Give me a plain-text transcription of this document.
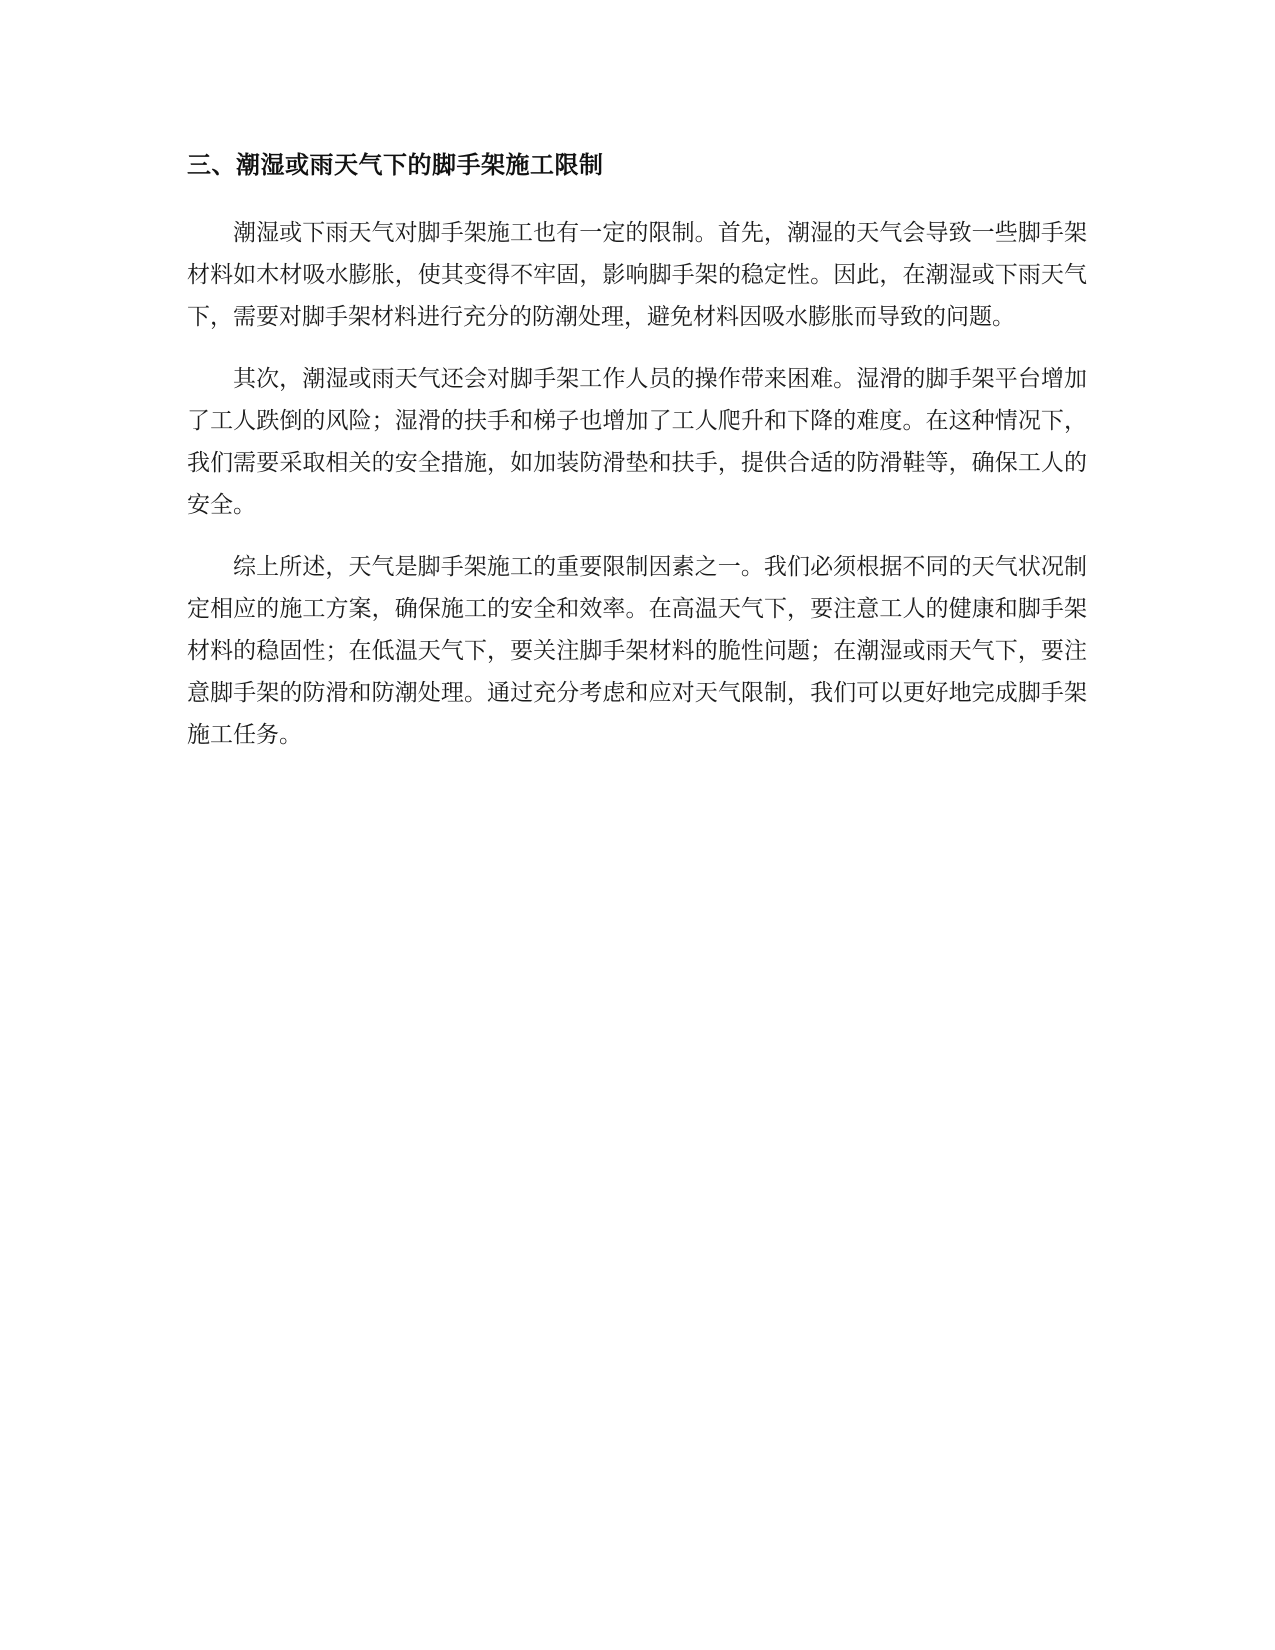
三、潮湿或雨天气下的脚手架施工限制

潮湿或下雨天气对脚手架施工也有一定的限制。首先，潮湿的天气会导致一些脚手架材料如木材吸水膨胀，使其变得不牢固，影响脚手架的稳定性。因此，在潮湿或下雨天气下，需要对脚手架材料进行充分的防潮处理，避免材料因吸水膨胀而导致的问题。

其次，潮湿或雨天气还会对脚手架工作人员的操作带来困难。湿滑的脚手架平台增加了工人跌倒的风险；湿滑的扶手和梯子也增加了工人爬升和下降的难度。在这种情况下，我们需要采取相关的安全措施，如加装防滑垫和扶手，提供合适的防滑鞋等，确保工人的安全。

综上所述，天气是脚手架施工的重要限制因素之一。我们必须根据不同的天气状况制定相应的施工方案，确保施工的安全和效率。在高温天气下，要注意工人的健康和脚手架材料的稳固性；在低温天气下，要关注脚手架材料的脆性问题；在潮湿或雨天气下，要注意脚手架的防滑和防潮处理。通过充分考虑和应对天气限制，我们可以更好地完成脚手架施工任务。
